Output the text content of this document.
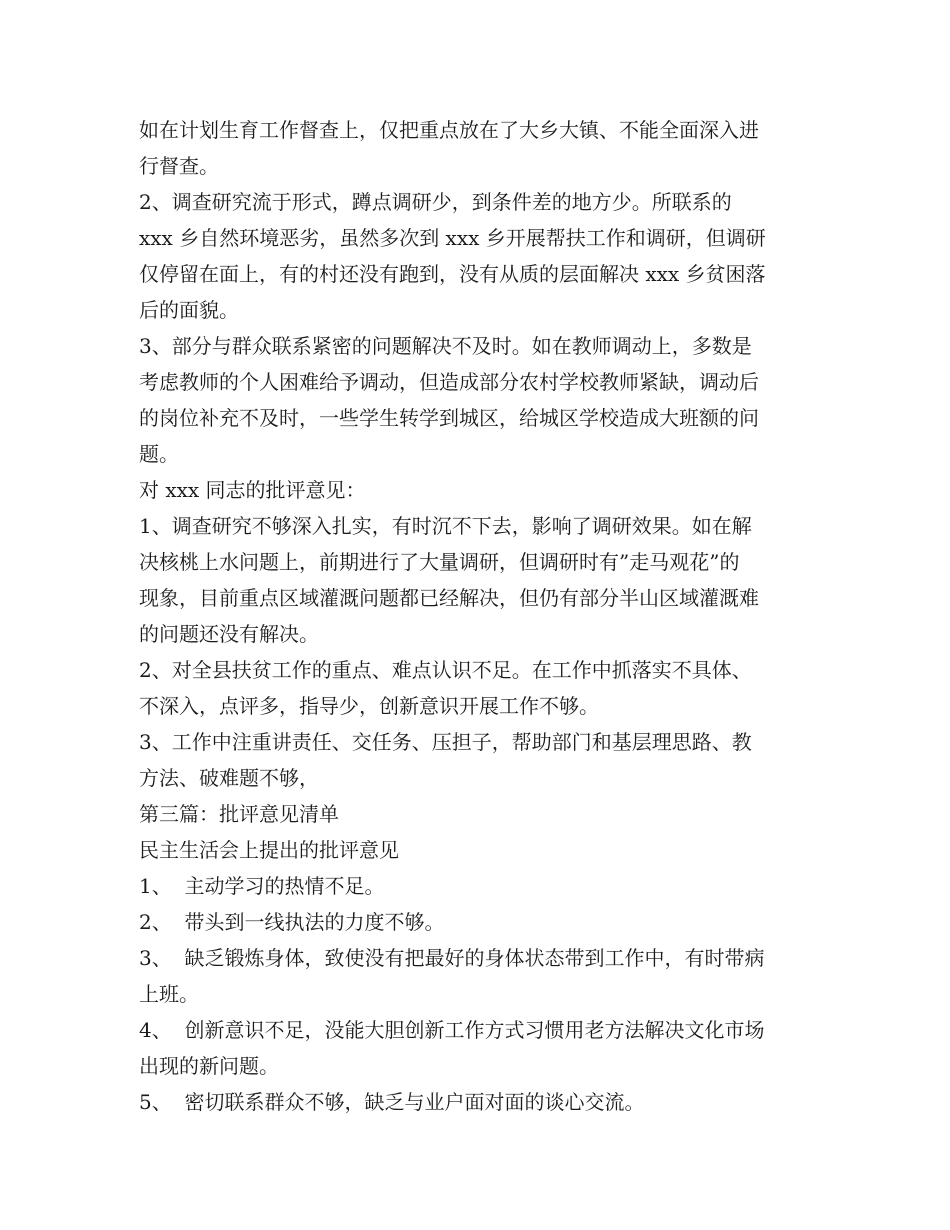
如在计划生育工作督查上，仅把重点放在了大乡大镇、不能全面深入进
行督查。
2、调查研究流于形式，蹲点调研少，到条件差的地方少。所联系的
xxx 乡自然环境恶劣，虽然多次到 xxx 乡开展帮扶工作和调研，但调研
仅停留在面上，有的村还没有跑到，没有从质的层面解决 xxx 乡贫困落
后的面貌。
3、部分与群众联系紧密的问题解决不及时。如在教师调动上，多数是
考虑教师的个人困难给予调动，但造成部分农村学校教师紧缺，调动后
的岗位补充不及时，一些学生转学到城区，给城区学校造成大班额的问
题。
对 xxx 同志的批评意见：
1、调查研究不够深入扎实，有时沉不下去，影响了调研效果。如在解
决核桃上水问题上，前期进行了大量调研，但调研时有”走马观花”的
现象，目前重点区域灌溉问题都已经解决，但仍有部分半山区域灌溉难
的问题还没有解决。
2、对全县扶贫工作的重点、难点认识不足。在工作中抓落实不具体、
不深入，点评多，指导少，创新意识开展工作不够。
3、工作中注重讲责任、交任务、压担子，帮助部门和基层理思路、教
方法、破难题不够，
第三篇：批评意见清单
民主生活会上提出的批评意见
1、  主动学习的热情不足。
2、  带头到一线执法的力度不够。
3、  缺乏锻炼身体，致使没有把最好的身体状态带到工作中，有时带病
上班。
4、  创新意识不足，没能大胆创新工作方式习惯用老方法解决文化市场
出现的新问题。
5、  密切联系群众不够，缺乏与业户面对面的谈心交流。
